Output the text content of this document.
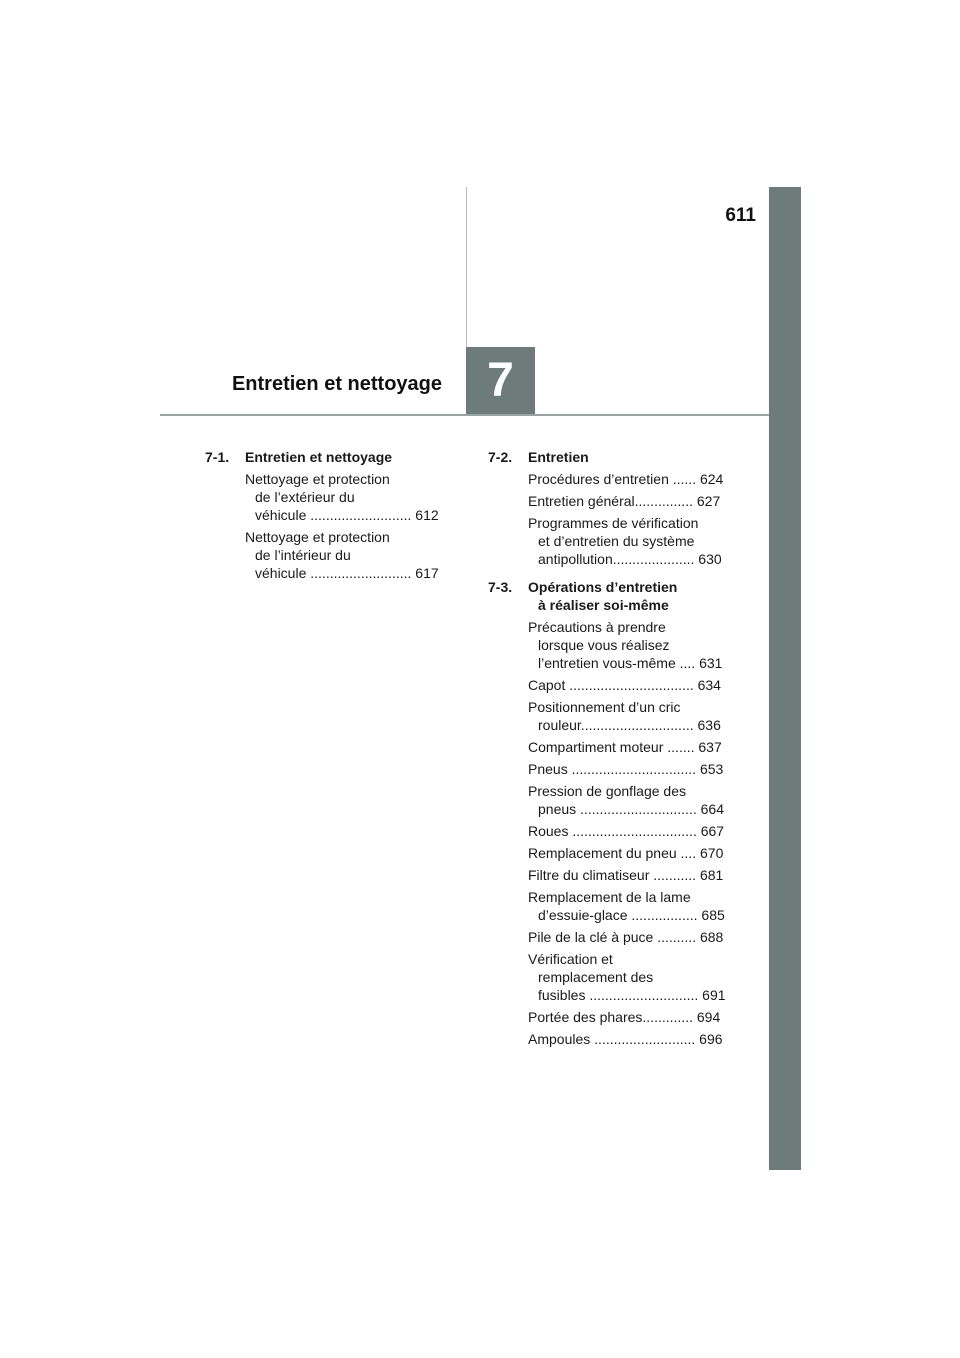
611
Entretien et nettoyage 7
7-1. Entretien et nettoyage
Nettoyage et protection
de l’extérieur du
véhicule .......................... 612
Nettoyage et protection
de l’intérieur du
véhicule .......................... 617
7-2. Entretien
Procédures d’entretien ...... 624
Entretien général............... 627
Programmes de vérification
et d’entretien du système
antipollution..................... 630
7-3. Opérations d’entretien
à réaliser soi-même
Précautions à prendre
lorsque vous réalisez
l’entretien vous-même .... 631
Capot ................................ 634
Positionnement d’un cric
rouleur............................. 636
Compartiment moteur ....... 637
Pneus ................................ 653
Pression de gonflage des
pneus .............................. 664
Roues ................................ 667
Remplacement du pneu .... 670
Filtre du climatiseur ........... 681
Remplacement de la lame
d’essuie-glace ................. 685
Pile de la clé à puce .......... 688
Vérification et
remplacement des
fusibles ............................ 691
Portée des phares............. 694
Ampoules .......................... 696
